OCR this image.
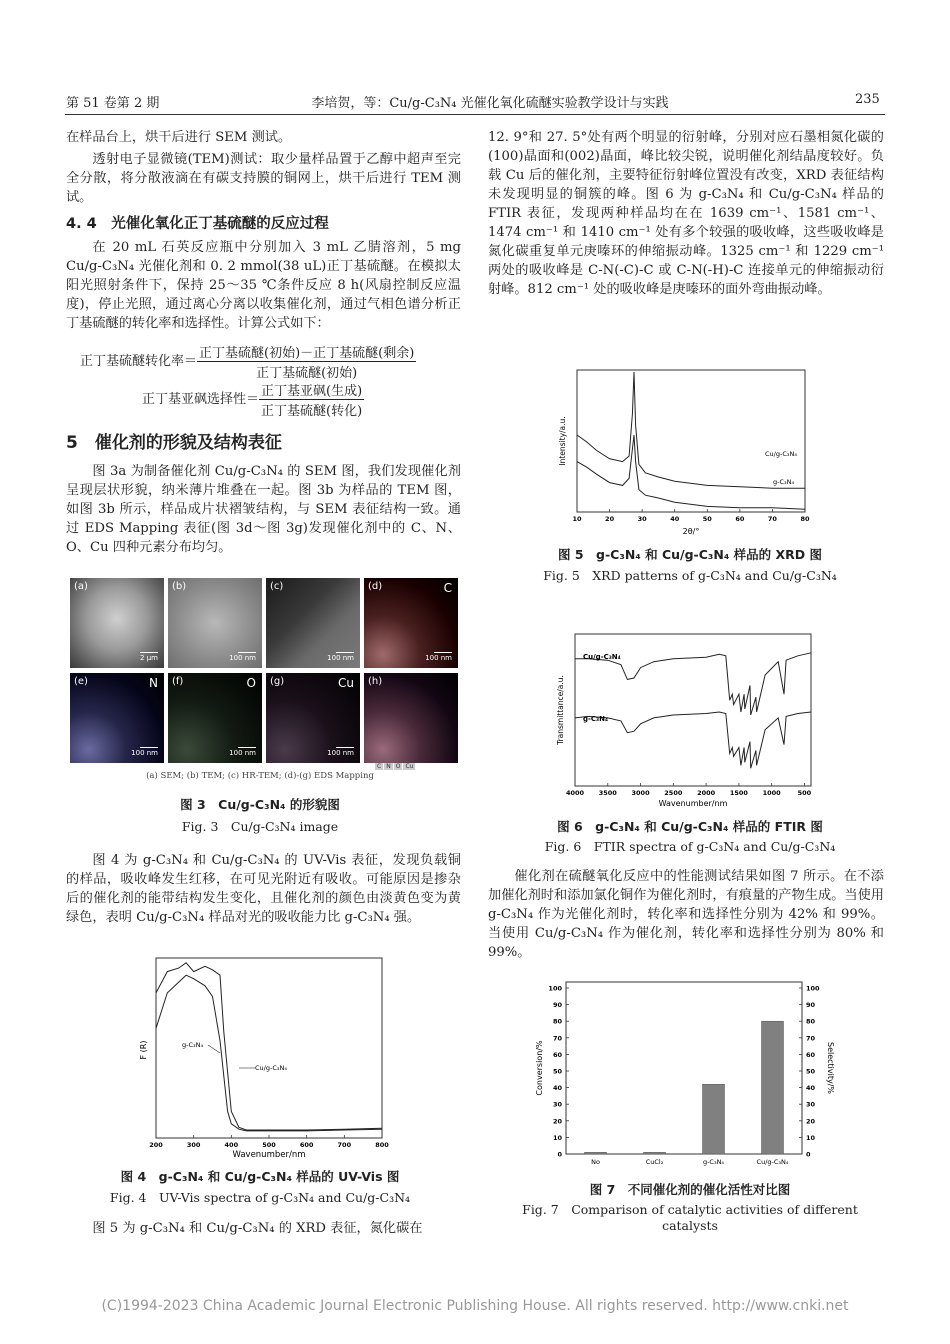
第 51 卷第 2 期	李培贺，等：Cu/g-C₃N₄ 光催化氧化硫醚实验教学设计与实践	235

在样品台上，烘干后进行 SEM 测试。

透射电子显微镜(TEM)测试：取少量样品置于乙醇中超声至完全分散，将分散液滴在有碳支持膜的铜网上，烘干后进行 TEM 测试。

4. 4　光催化氧化正丁基硫醚的反应过程

在 20 mL 石英反应瓶中分别加入 3 mL 乙腈溶剂，5 mg Cu/g-C₃N₄ 光催化剂和 0. 2 mmol(38 uL)正丁基硫醚。在模拟太阳光照射条件下，保持 25～35 ℃条件反应 8 h(风扇控制反应温度)，停止光照，通过离心分离以收集催化剂，通过气相色谱分析正丁基硫醚的转化率和选择性。计算公式如下：

正丁基硫醚转化率＝ $\frac{\text{正丁基硫醚(初始)－正丁基硫醚(剩余)}}{\text{正丁基硫醚(初始)}}$
正丁基亚砜选择性＝ $\frac{\text{正丁基亚砜(生成)}}{\text{正丁基硫醚(转化)}}$
5　催化剂的形貌及结构表征

图 3a 为制备催化剂 Cu/g-C₃N₄ 的 SEM 图，我们发现催化剂呈现层状形貌，纳米薄片堆叠在一起。图 3b 为样品的 TEM 图，如图 3b 所示，样品成片状褶皱结构，与 SEM 表征结构一致。通过 EDS Mapping 表征(图 3d～图 3g)发现催化剂中的 C、N、O、Cu 四种元素分布均匀。

(a)
2 μm
(b)
100 nm
(c)
100 nm
(d)	C
100 nm
(e)	N
100 nm
(f)	O
100 nm
(g)	Cu
100 nm
(h)
C N O Cu
(a) SEM; (b) TEM; (c) HR-TEM; (d)-(g) EDS Mapping
图 3　Cu/g-C₃N₄ 的形貌图
Fig. 3　Cu/g-C₃N₄ image

图 4 为 g-C₃N₄ 和 Cu/g-C₃N₄ 的 UV-Vis 表征，发现负载铜的样品，吸收峰发生红移，在可见光附近有吸收。可能原因是掺杂后的催化剂的能带结构发生变化，且催化剂的颜色由淡黄色变为黄绿色，表明 Cu/g-C₃N₄ 样品对光的吸收能力比 g-C₃N₄ 强。

200	300	400	500	600	700	800
F (R)
Wavenumber/nm
g-C₃N₄
Cu/g-C₃N₄
图 4　g-C₃N₄ 和 Cu/g-C₃N₄ 样品的 UV-Vis 图
Fig. 4　UV-Vis spectra of g-C₃N₄ and Cu/g-C₃N₄

图 5 为 g-C₃N₄ 和 Cu/g-C₃N₄ 的 XRD 表征，氮化碳在

12. 9°和 27. 5°处有两个明显的衍射峰，分别对应石墨相氮化碳的(100)晶面和(002)晶面，峰比较尖锐，说明催化剂结晶度较好。负载 Cu 后的催化剂，主要特征衍射峰位置没有改变，XRD 表征结构未发现明显的铜簇的峰。图 6 为 g-C₃N₄ 和 Cu/g-C₃N₄ 样品的 FTIR 表征，发现两种样品均在在 1639 cm⁻¹、1581 cm⁻¹、1474 cm⁻¹ 和 1410 cm⁻¹ 处有多个较强的吸收峰，这些吸收峰是氮化碳重复单元庚嗪环的伸缩振动峰。1325 cm⁻¹ 和 1229 cm⁻¹ 两处的吸收峰是 C-N(-C)-C 或 C-N(-H)-C 连接单元的伸缩振动衍射峰。812 cm⁻¹ 处的吸收峰是庚嗪环的面外弯曲振动峰。

10	20	30	40	50	60	70	80
Intensity/a.u.
2θ/°
Cu/g-C₃N₄
g-C₃N₄
图 5　g-C₃N₄ 和 Cu/g-C₃N₄ 样品的 XRD 图
Fig. 5　XRD patterns of g-C₃N₄ and Cu/g-C₃N₄
4000 3500 3000 2500 2000 1500 1000	500
Transmittance/a.u.
Wavenumber/nm
Cu/g-C₃N₄
g-C₃N₄
图 6　g-C₃N₄ 和 Cu/g-C₃N₄ 样品的 FTIR 图
Fig. 6　FTIR spectra of g-C₃N₄ and Cu/g-C₃N₄

催化剂在硫醚氧化反应中的性能测试结果如图 7 所示。在不添加催化剂时和添加氯化铜作为催化剂时，有痕量的产物生成。当使用 g-C₃N₄ 作为光催化剂时，转化率和选择性分别为 42% 和 99%。当使用 Cu/g-C₃N₄ 作为催化剂，转化率和选择性分别为 80% 和 99%。

0	0
10	10
20	20
30	30
40	40
50	50
60	60
70	70
80	80
90	90
100	100
No	CuCl₂	g-C₃N₄	Cu/g-C₃N₄
Conversion/%	Selectivity/%
图 7　不同催化剂的催化活性对比图
Fig. 7　Comparison of catalytic activities of different catalysts
(C)1994-2023 China Academic Journal Electronic Publishing House. All rights reserved. http://www.cnki.net
